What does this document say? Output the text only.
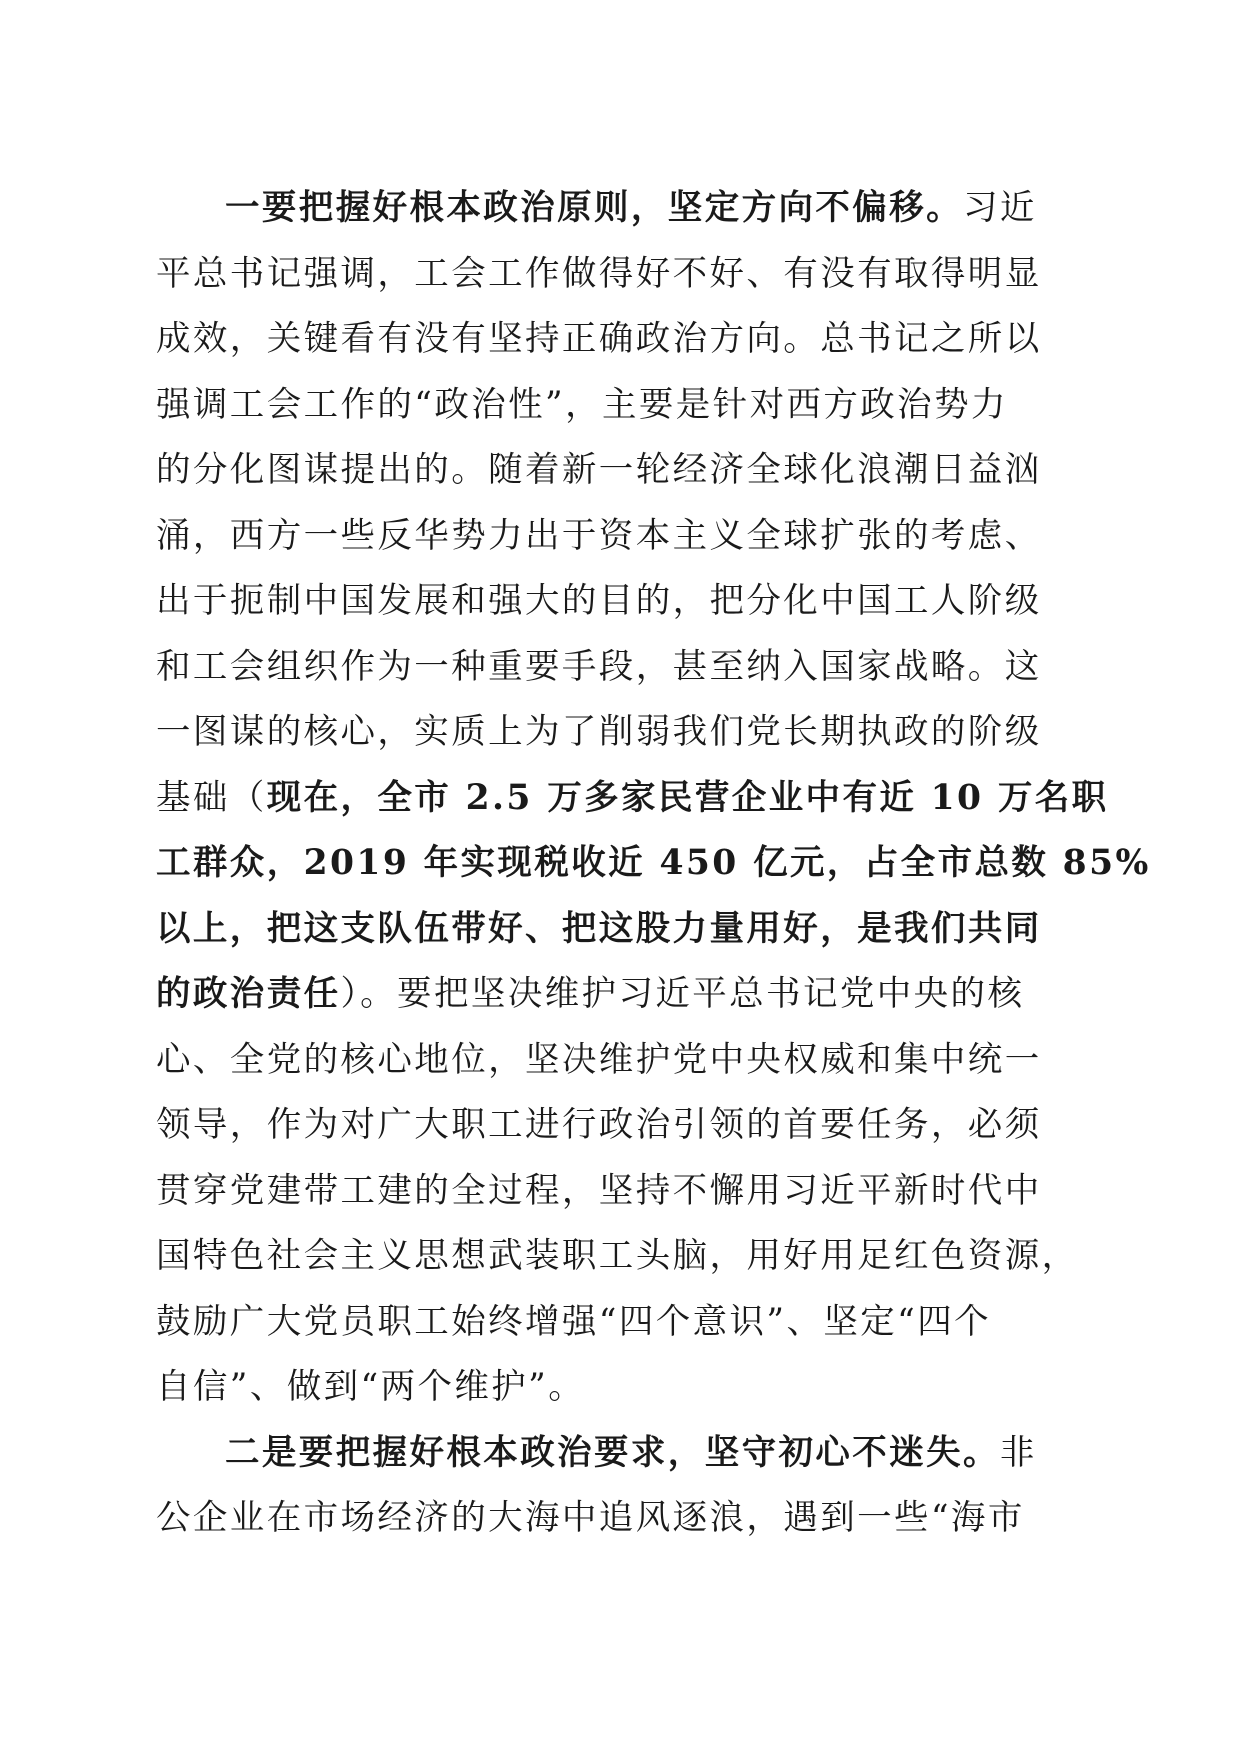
一要把握好根本政治原则，坚定方向不偏移。习近
平总书记强调，工会工作做得好不好、有没有取得明显
成效，关键看有没有坚持正确政治方向。总书记之所以
强调工会工作的“政治性”，主要是针对西方政治势力
的分化图谋提出的。随着新一轮经济全球化浪潮日益汹
涌，西方一些反华势力出于资本主义全球扩张的考虑、
出于扼制中国发展和强大的目的，把分化中国工人阶级
和工会组织作为一种重要手段，甚至纳入国家战略。这
一图谋的核心，实质上为了削弱我们党长期执政的阶级
基础（现在，全市 2.5 万多家民营企业中有近 10 万名职
工群众，2019 年实现税收近 450 亿元，占全市总数 85%
以上，把这支队伍带好、把这股力量用好，是我们共同
的政治责任）。要把坚决维护习近平总书记党中央的核
心、全党的核心地位，坚决维护党中央权威和集中统一
领导，作为对广大职工进行政治引领的首要任务，必须
贯穿党建带工建的全过程，坚持不懈用习近平新时代中
国特色社会主义思想武装职工头脑，用好用足红色资源，
鼓励广大党员职工始终增强“四个意识”、坚定“四个
自信”、做到“两个维护”。
二是要把握好根本政治要求，坚守初心不迷失。非
公企业在市场经济的大海中追风逐浪，遇到一些“海市
